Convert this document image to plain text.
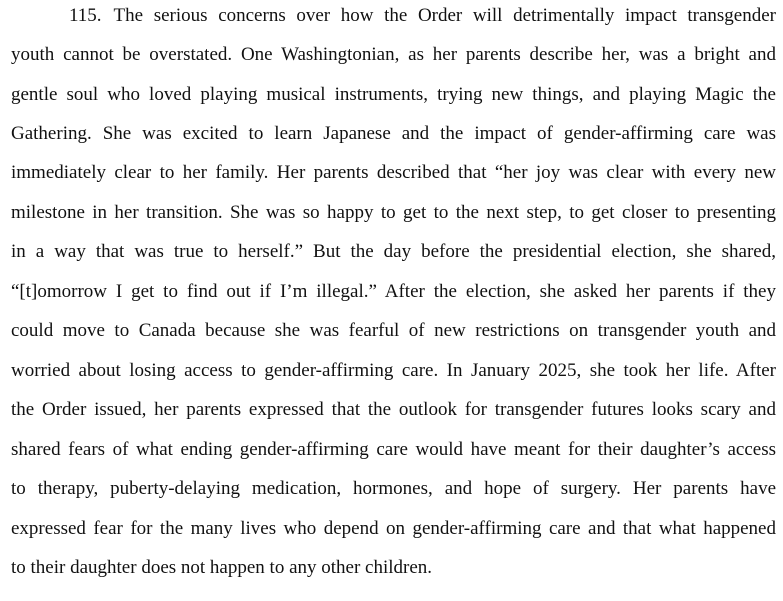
115. The serious concerns over how the Order will detrimentally impact transgender
youth cannot be overstated. One Washingtonian, as her parents describe her, was a bright and
gentle soul who loved playing musical instruments, trying new things, and playing Magic the
Gathering. She was excited to learn Japanese and the impact of gender-affirming care was
immediately clear to her family. Her parents described that “her joy was clear with every new
milestone in her transition. She was so happy to get to the next step, to get closer to presenting
in a way that was true to herself.” But the day before the presidential election, she shared,
“[t]omorrow I get to find out if I’m illegal.” After the election, she asked her parents if they
could move to Canada because she was fearful of new restrictions on transgender youth and
worried about losing access to gender-affirming care. In January 2025, she took her life. After
the Order issued, her parents expressed that the outlook for transgender futures looks scary and
shared fears of what ending gender-affirming care would have meant for their daughter’s access
to therapy, puberty-delaying medication, hormones, and hope of surgery. Her parents have
expressed fear for the many lives who depend on gender-affirming care and that what happened
to their daughter does not happen to any other children.
